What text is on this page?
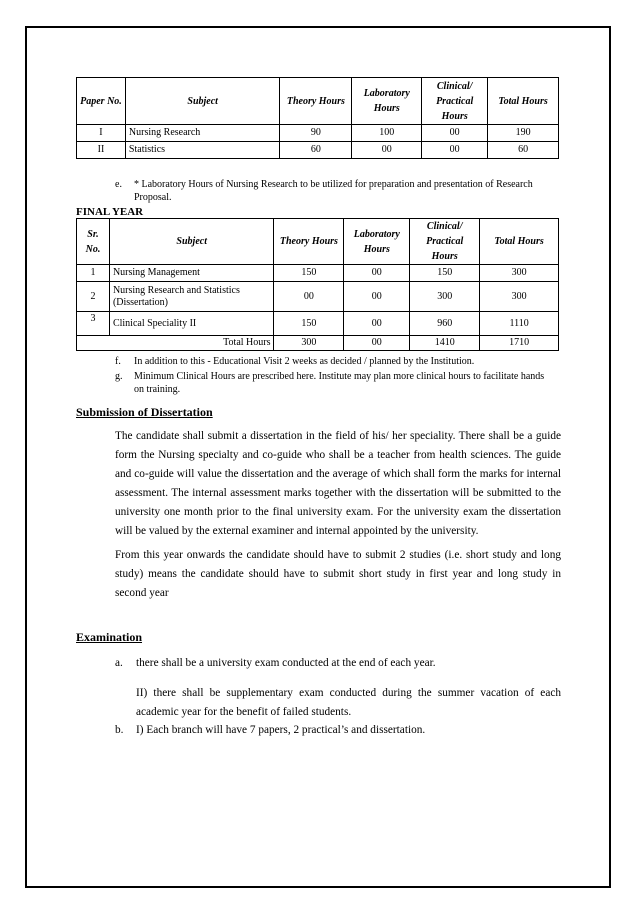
Paper No.	Subject	Theory Hours	Laboratory Hours	Clinical/ Practical Hours	Total Hours
I	Nursing Research	90	100	00	190
II	Statistics	60	00	00	60
e. * Laboratory Hours of Nursing Research to be utilized for preparation and presentation of Research Proposal.
FINAL YEAR
Sr. No.	Subject	Theory Hours	Laboratory Hours	Clinical/ Practical Hours	Total Hours
1	Nursing Management	150	00	150	300
2	Nursing Research and Statistics (Dissertation)	00	00	300	300
3	Clinical Speciality II	150	00	960	1110
Total Hours		300	00	1410	1710
f. In addition to this - Educational Visit 2 weeks as decided / planned by the Institution.
g. Minimum Clinical Hours are prescribed here. Institute may plan more clinical hours to facilitate hands on training.
Submission of Dissertation
The candidate shall submit a dissertation in the field of his/ her speciality. There shall be a guide form the Nursing specialty and co-guide who shall be a teacher from health sciences. The guide and co-guide will value the dissertation and the average of which shall form the marks for internal assessment. The internal assessment marks together with the dissertation will be submitted to the university one month prior to the final university exam. For the university exam the dissertation will be valued by the external examiner and internal appointed by the university.
From this year onwards the candidate should have to submit 2 studies (i.e. short study and long study) means the candidate should have to submit short study in first year and long study in second year
Examination
a. there shall be a university exam conducted at the end of each year.
II) there shall be supplementary exam conducted during the summer vacation of each academic year for the benefit of failed students.
b. I) Each branch will have 7 papers, 2 practical’s and dissertation.
